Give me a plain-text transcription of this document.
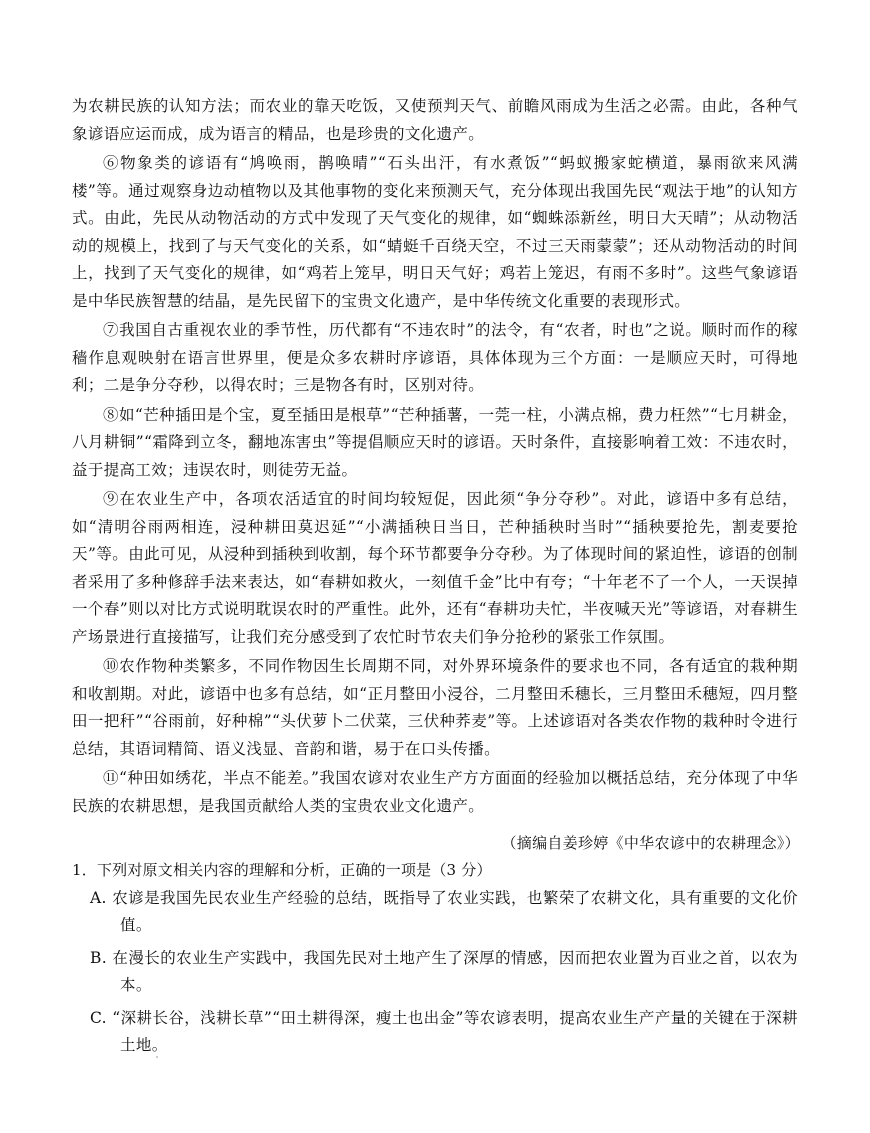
为农耕民族的认知方法；而农业的靠天吃饭，又使预判天气、前瞻风雨成为生活之必需。由此，各种气象谚语应运而成，成为语言的精品，也是珍贵的文化遗产。

⑥物象类的谚语有“鸠唤雨，鹊唤晴”“石头出汗，有水煮饭”“蚂蚁搬家蛇横道，暴雨欲来风满楼”等。通过观察身边动植物以及其他事物的变化来预测天气，充分体现出我国先民“观法于地”的认知方式。由此，先民从动物活动的方式中发现了天气变化的规律，如“蜘蛛添新丝，明日大天晴”；从动物活动的规模上，找到了与天气变化的关系，如“蜻蜓千百绕天空，不过三天雨蒙蒙”；还从动物活动的时间上，找到了天气变化的规律，如“鸡若上笼早，明日天气好；鸡若上笼迟，有雨不多时”。这些气象谚语是中华民族智慧的结晶，是先民留下的宝贵文化遗产，是中华传统文化重要的表现形式。

⑦我国自古重视农业的季节性，历代都有“不违农时”的法令，有“农者，时也”之说。顺时而作的稼穑作息观映射在语言世界里，便是众多农耕时序谚语，具体体现为三个方面：一是顺应天时，可得地利；二是争分夺秒，以得农时；三是物各有时，区别对待。

⑧如“芒种插田是个宝，夏至插田是根草”“芒种插薯，一莞一柱，小满点棉，费力枉然”“七月耕金，八月耕铜”“霜降到立冬，翻地冻害虫”等提倡顺应天时的谚语。天时条件，直接影响着工效：不违农时，益于提高工效；违误农时，则徒劳无益。

⑨在农业生产中，各项农活适宜的时间均较短促，因此须“争分夺秒”。对此，谚语中多有总结，如“清明谷雨两相连，浸种耕田莫迟延”“小满插秧日当日，芒种插秧时当时”“插秧要抢先，割麦要抢天”等。由此可见，从浸种到插秧到收割，每个环节都要争分夺秒。为了体现时间的紧迫性，谚语的创制者采用了多种修辞手法来表达，如“春耕如救火，一刻值千金”比中有夸；“十年老不了一个人，一天误掉一个春”则以对比方式说明耽误农时的严重性。此外，还有“春耕功夫忙，半夜喊天光”等谚语，对春耕生产场景进行直接描写，让我们充分感受到了农忙时节农夫们争分抢秒的紧张工作氛围。

⑩农作物种类繁多，不同作物因生长周期不同，对外界环境条件的要求也不同，各有适宜的栽种期和收割期。对此，谚语中也多有总结，如“正月整田小浸谷，二月整田禾穗长，三月整田禾穗短，四月整田一把秆”“谷雨前，好种棉”“头伏萝卜二伏菜，三伏种荞麦”等。上述谚语对各类农作物的栽种时令进行总结，其语词精简、语义浅显、音韵和谐，易于在口头传播。

⑪“种田如绣花，半点不能差。”我国农谚对农业生产方方面面的经验加以概括总结，充分体现了中华民族的农耕思想，是我国贡献给人类的宝贵农业文化遗产。

（摘编自姜珍婷《中华农谚中的农耕理念》）

1．下列对原文相关内容的理解和分析，正确的一项是（3 分）

A. 农谚是我国先民农业生产经验的总结，既指导了农业实践，也繁荣了农耕文化，具有重要的文化价值。

B. 在漫长的农业生产实践中，我国先民对土地产生了深厚的情感，因而把农业置为百业之首，以农为本。

C. “深耕长谷，浅耕长草”“田土耕得深，瘦土也出金”等农谚表明，提高农业生产产量的关键在于深耕土地。
